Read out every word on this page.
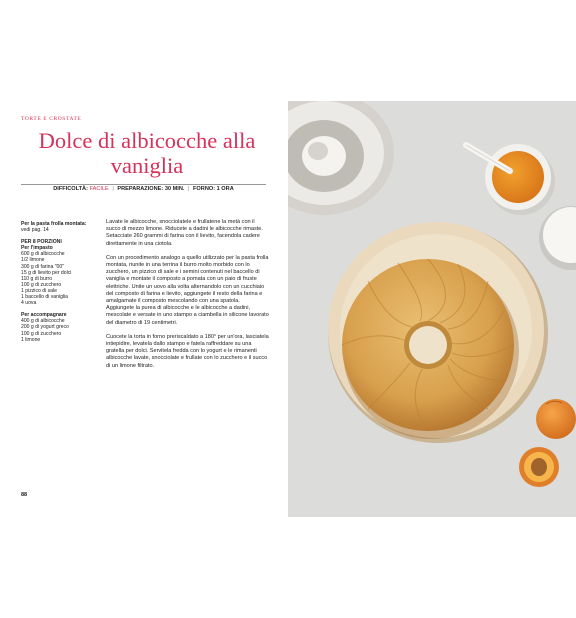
TORTE E CROSTATE
Dolce di albicocche alla
vaniglia
DIFFICOLTÀ: FACILE | PREPARAZIONE: 30 MIN. | FORNO: 1 ORA
Per la pasta frolla montata:
vedi pag. 14
PER 8 PORZIONI
Per l'impasto
600 g di albicocche
1/2 limone
300 g di farina "00"
15 g di lievito per dolci
110 g di burro
100 g di zucchero
1 pizzico di sale
1 baccello di vaniglia
4 uova
Per accompagnare
400 g di albicocche
200 g di yogurt greco
100 g di zucchero
1 limone

Lavate le albicocche, snocciolatele e frullatene la metà con il succo di mezzo limone. Riducete a dadini le albicocche rimaste. Setacciate 260 grammi di farina con il lievito, facendola cadere direttamente in una ciotola.

Con un procedimento analogo a quello utilizzato per la pasta frolla montata, riunite in una terrina il burro molto morbido con lo zucchero, un pizzico di sale e i semini contenuti nel baccello di vaniglia e montate il composto a pomata con un paio di fruste elettriche. Unite un uovo alla volta alternandolo con un cucchiaio del composto di farina e lievito, aggiungete il resto della farina e amalgamate il composto mescolando con una spatola. Aggiungete la purea di albicocche e le albicocche a dadini, mescolate e versate in uno stampo a ciambella in silicone lavorato del diametro di 19 centimetri.

Cuocete la torta in forno preriscaldato a 180° per un'ora, lasciatela intiepidire, levatela dallo stampo e fatela raffreddare su una gratella per dolci. Servitela fredda con lo yogurt e le rimanenti albicocche lavate, snocciolate e frullate con lo zucchero e il succo di un limone filtrato.

88
